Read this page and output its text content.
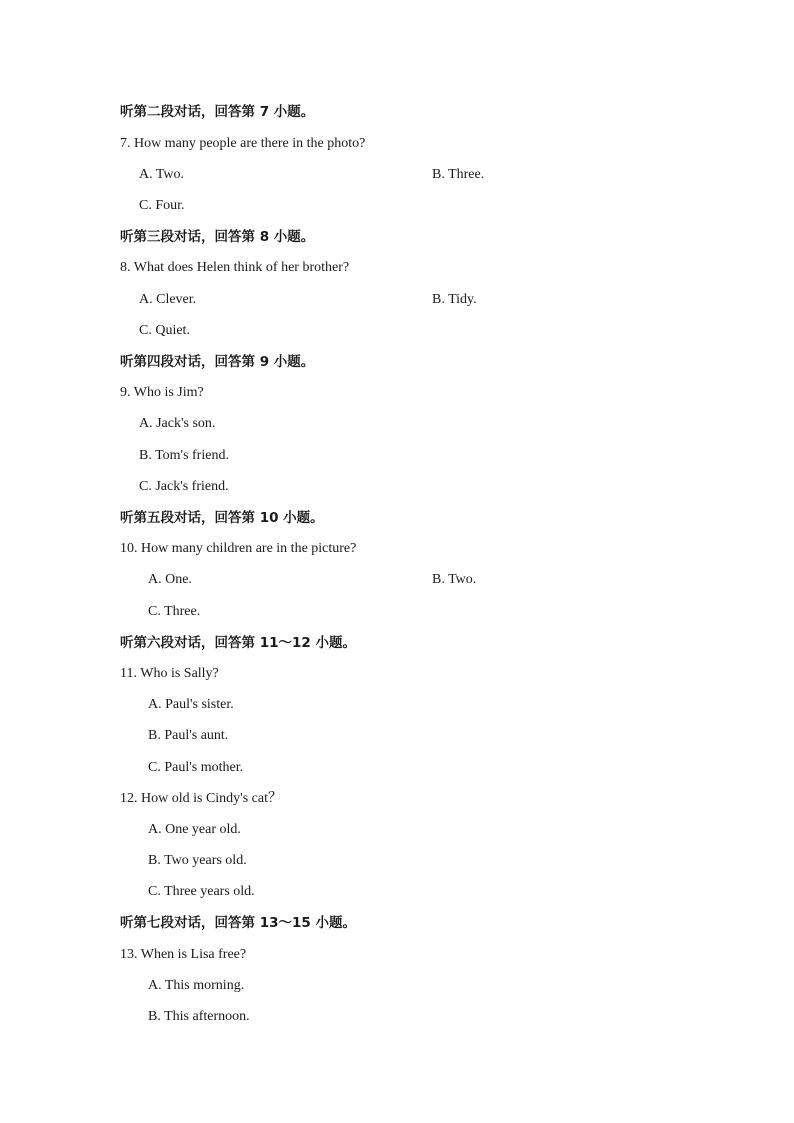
听第二段对话，回答第 7 小题。
7. How many people are there in the photo?
A. Two.	B. Three.
C. Four.
听第三段对话，回答第 8 小题。
8. What does Helen think of her brother?
A. Clever.	B. Tidy.
C. Quiet.
听第四段对话，回答第 9 小题。
9. Who is Jim?
A. Jack's son.
B. Tom's friend.
C. Jack's friend.
听第五段对话，回答第 10 小题。
10. How many children are in the picture?
A. One.	B. Two.
C. Three.
听第六段对话，回答第 11～12 小题。
11. Who is Sally?
A. Paul's sister.
B. Paul's aunt.
C. Paul's mother.
12. How old is Cindy's cat？
A. One year old.
B. Two years old.
C. Three years old.
听第七段对话，回答第 13～15 小题。
13. When is Lisa free?
A. This morning.
B. This afternoon.
